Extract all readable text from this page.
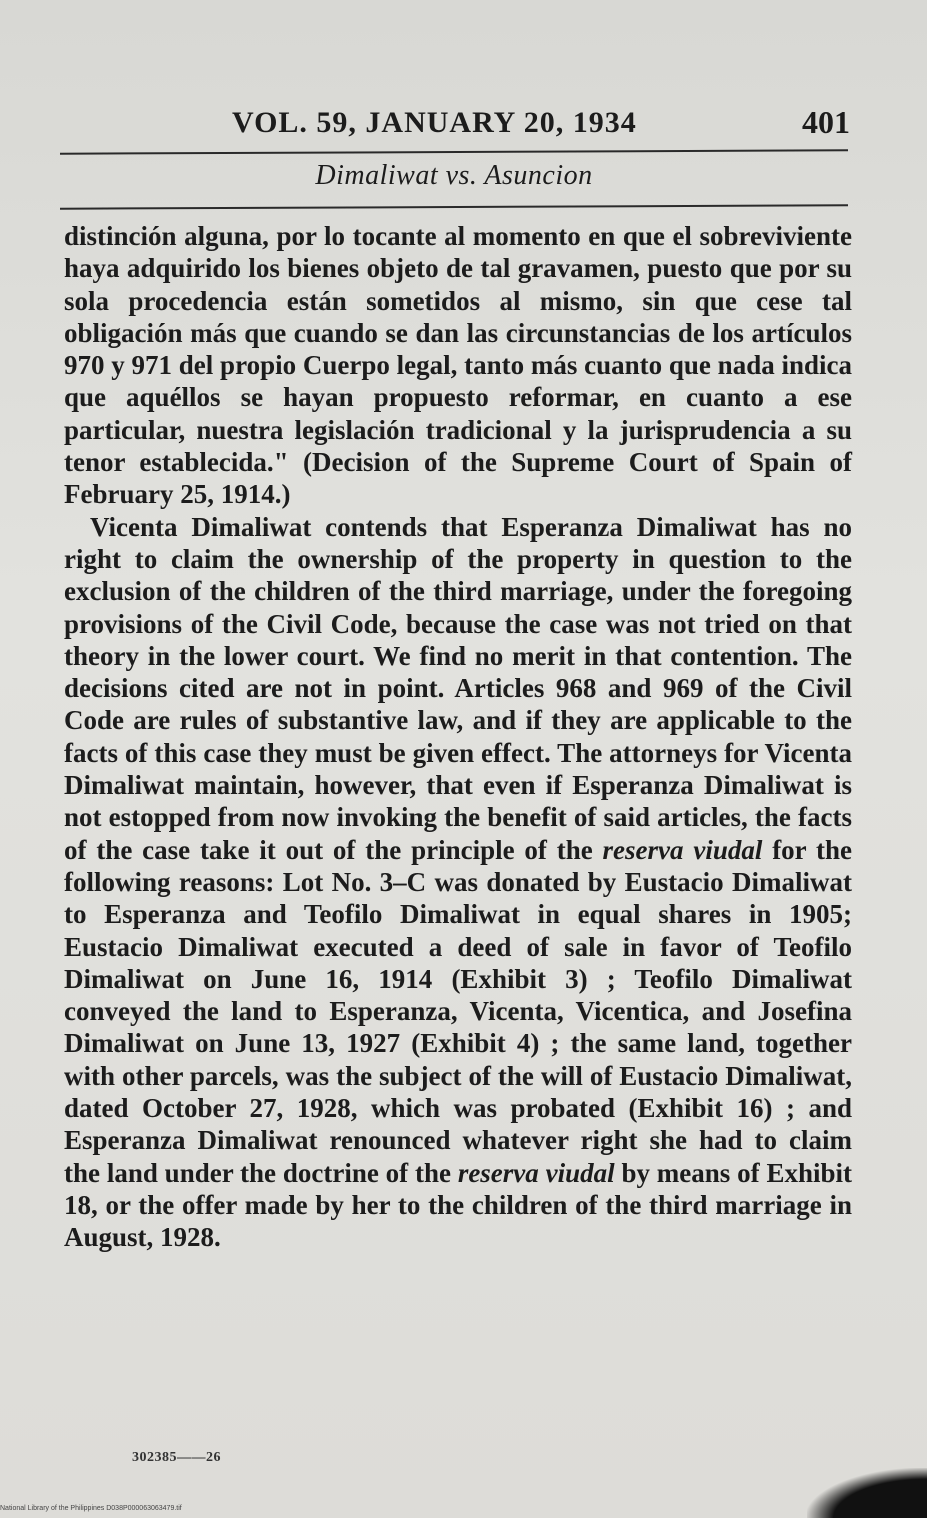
VOL. 59, JANUARY 20, 1934	401
Dimaliwat vs. Asuncion

distinción alguna, por lo tocante al momento en que el sobreviviente haya adquirido los bienes objeto de tal gravamen, puesto que por su sola procedencia están sometidos al mismo, sin que cese tal obligación más que cuando se dan las circunstancias de los artículos 970 y 971 del propio Cuerpo legal, tanto más cuanto que nada indica que aquéllos se hayan propuesto reformar, en cuanto a ese particular, nuestra legislación tradicional y la jurisprudencia a su tenor establecida." (Decision of the Supreme Court of Spain of February 25, 1914.)

Vicenta Dimaliwat contends that Esperanza Dimaliwat has no right to claim the ownership of the property in question to the exclusion of the children of the third marriage, under the foregoing provisions of the Civil Code, because the case was not tried on that theory in the lower court. We find no merit in that contention. The decisions cited are not in point. Articles 968 and 969 of the Civil Code are rules of substantive law, and if they are applicable to the facts of this case they must be given effect. The attorneys for Vicenta Dimaliwat maintain, however, that even if Esperanza Dimaliwat is not estopped from now invoking the benefit of said articles, the facts of the case take it out of the principle of the reserva viudal for the following reasons: Lot No. 3–C was donated by Eustacio Dimaliwat to Esperanza and Teofilo Dimaliwat in equal shares in 1905; Eustacio Dimaliwat executed a deed of sale in favor of Teofilo Dimaliwat on June 16, 1914 (Exhibit 3) ; Teofilo Dimaliwat conveyed the land to Esperanza, Vicenta, Vicentica, and Josefina Dimaliwat on June 13, 1927 (Exhibit 4) ; the same land, together with other parcels, was the subject of the will of Eustacio Dimaliwat, dated October 27, 1928, which was probated (Exhibit 16) ; and Esperanza Dimaliwat renounced whatever right she had to claim the land under the doctrine of the reserva viudal by means of Exhibit 18, or the offer made by her to the children of the third marriage in August, 1928.

302385——26
National Library of the Philippines D038P000063063479.tif
